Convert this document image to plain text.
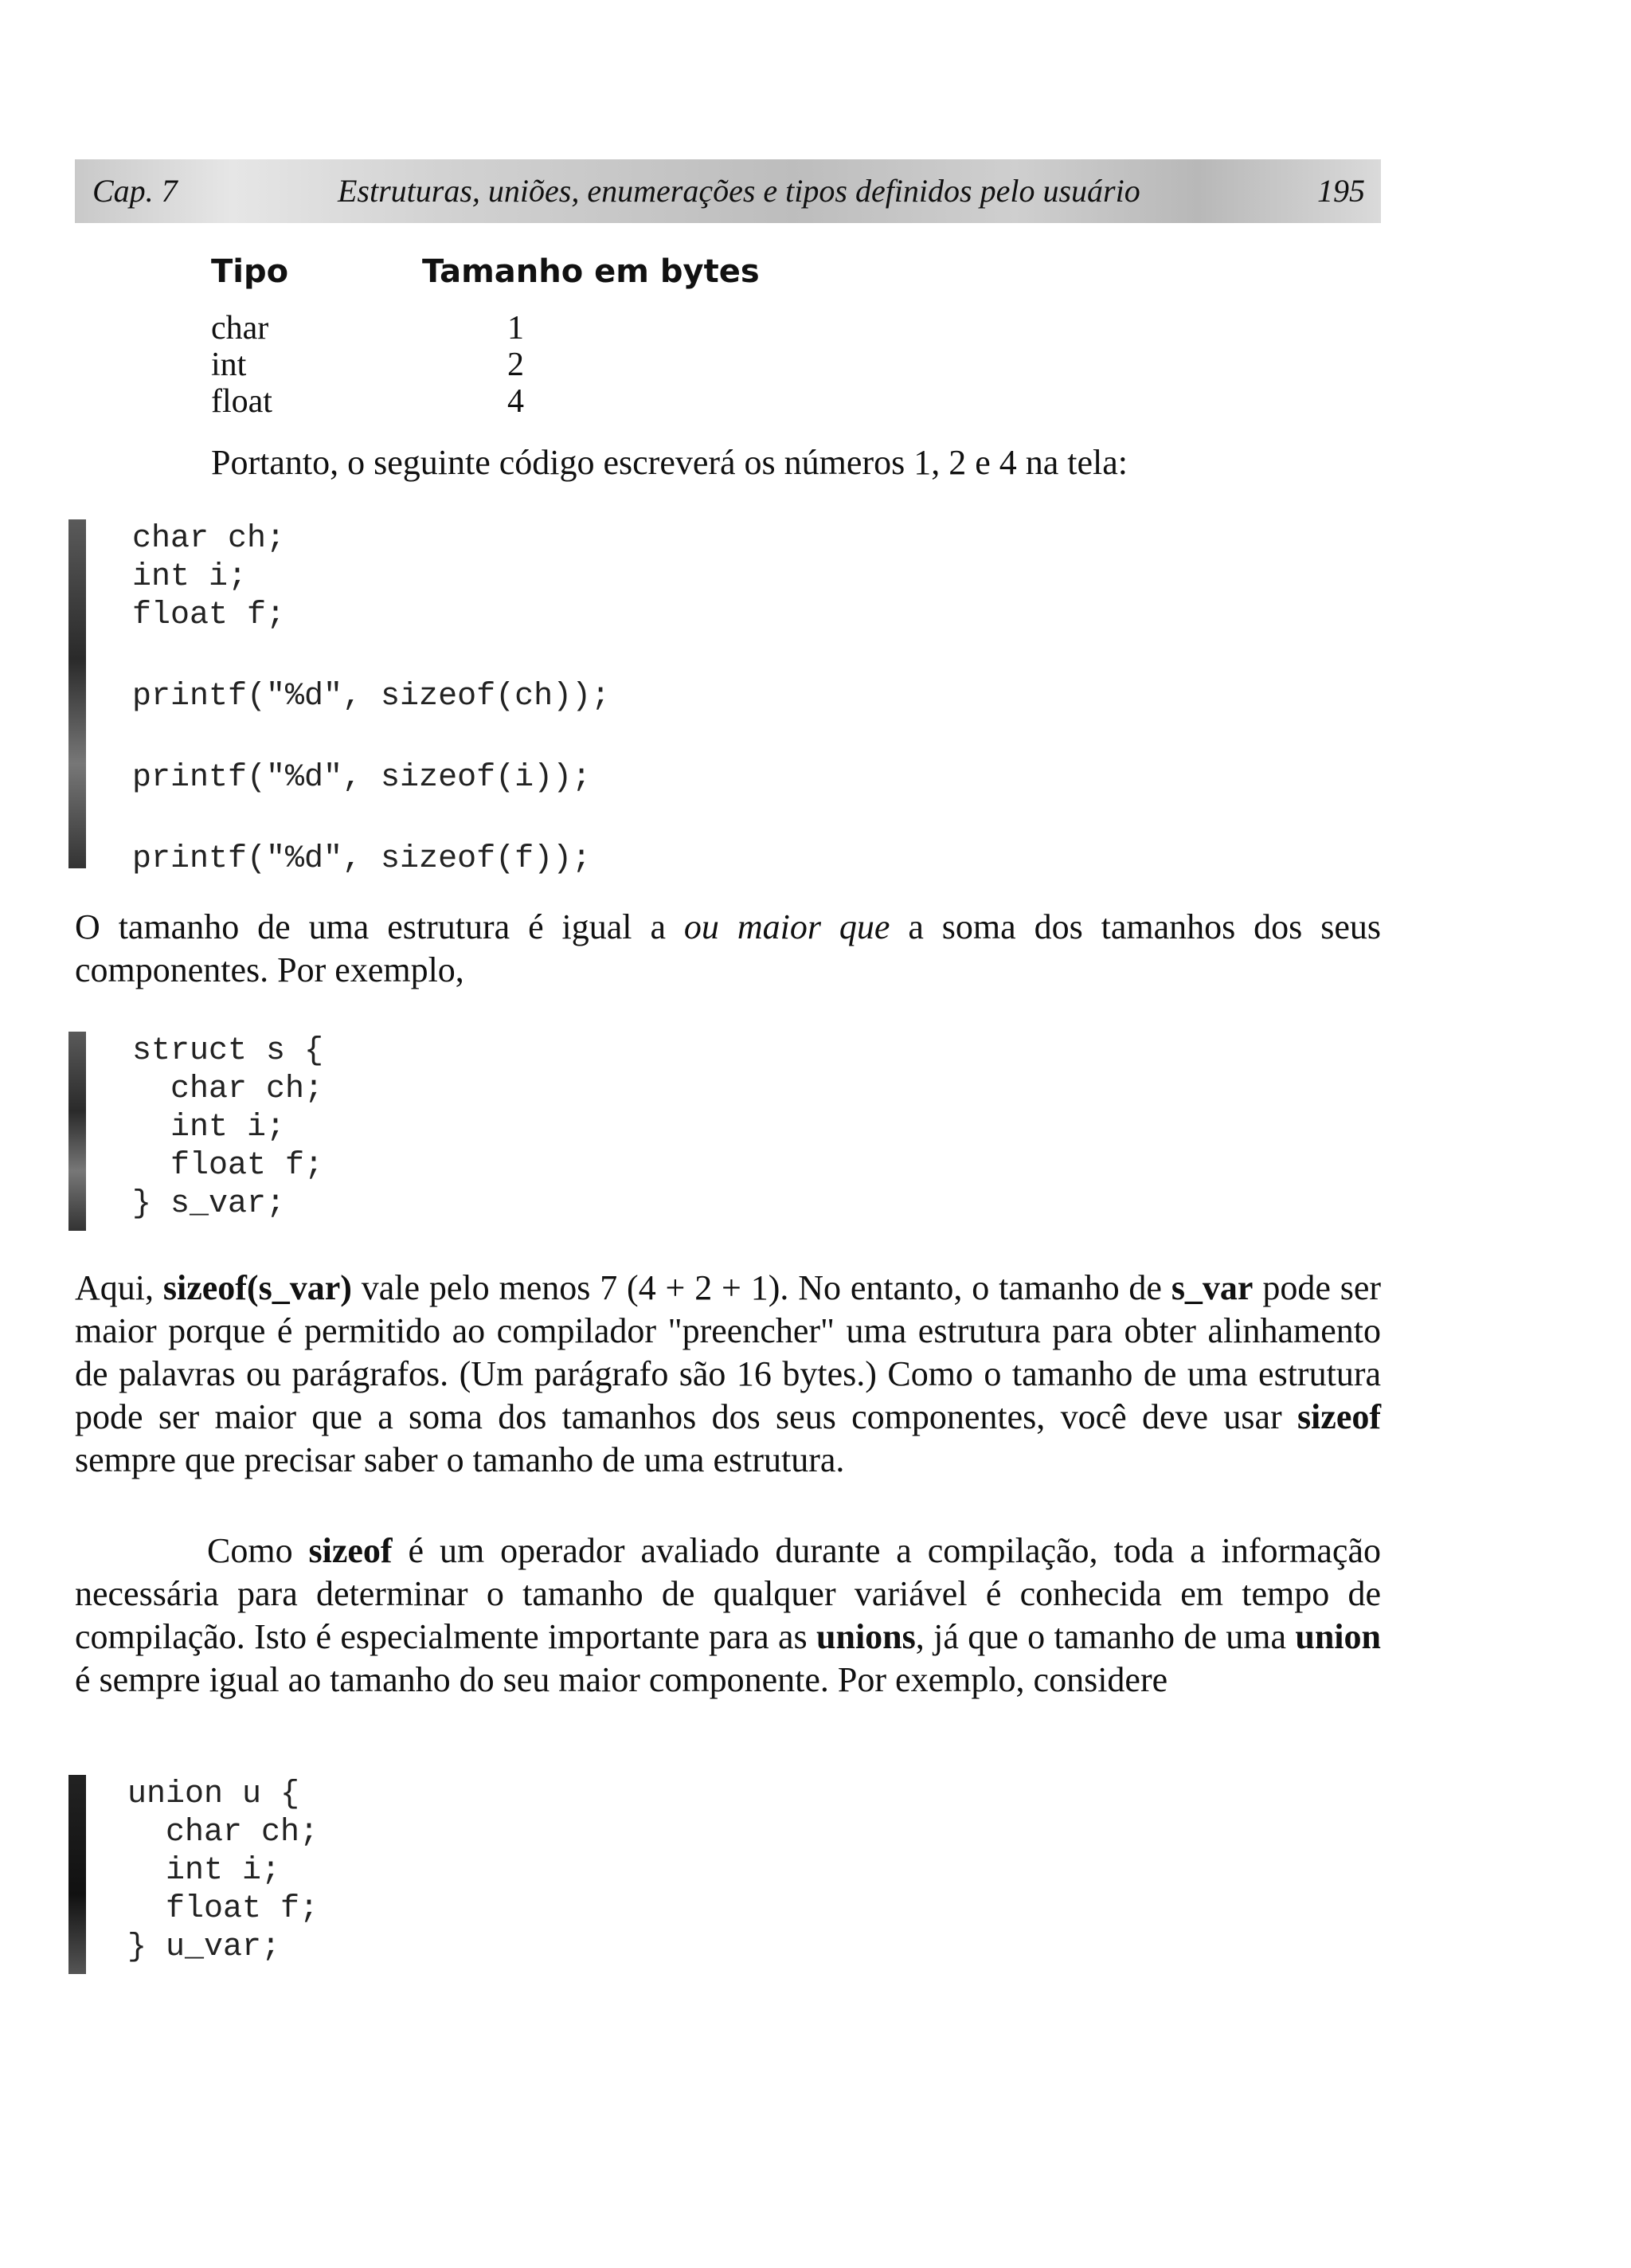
Cap. 7	Estruturas, uniões, enumerações e tipos definidos pelo usuário	195
Tipo	Tamanho em bytes
char	1
int	2
float	4
Portanto, o seguinte código escreverá os números 1, 2 e 4 na tela:
char ch;
int i;
float f;
printf("%d", sizeof(ch));
printf("%d", sizeof(i));
printf("%d", sizeof(f));

O tamanho de uma estrutura é igual a ou maior que a soma dos tamanhos dos seus componentes. Por exemplo,

struct s {
char ch;
int i;
float f;
} s_var;

Aqui, sizeof(s_var) vale pelo menos 7 (4 + 2 + 1). No entanto, o tamanho de s_var pode ser maior porque é permitido ao compilador "preencher" uma estrutura para obter alinhamento de palavras ou parágrafos. (Um parágrafo são 16 bytes.) Como o tamanho de uma estrutura pode ser maior que a soma dos tamanhos dos seus componentes, você deve usar sizeof sempre que precisar saber o tamanho de uma estrutura.

Como sizeof é um operador avaliado durante a compilação, toda a informação necessária para determinar o tamanho de qualquer variável é conhecida em tempo de compilação. Isto é especialmente importante para as unions, já que o tamanho de uma union é sempre igual ao tamanho do seu maior componente. Por exemplo, considere

union u {
char ch;
int i;
float f;
} u_var;
